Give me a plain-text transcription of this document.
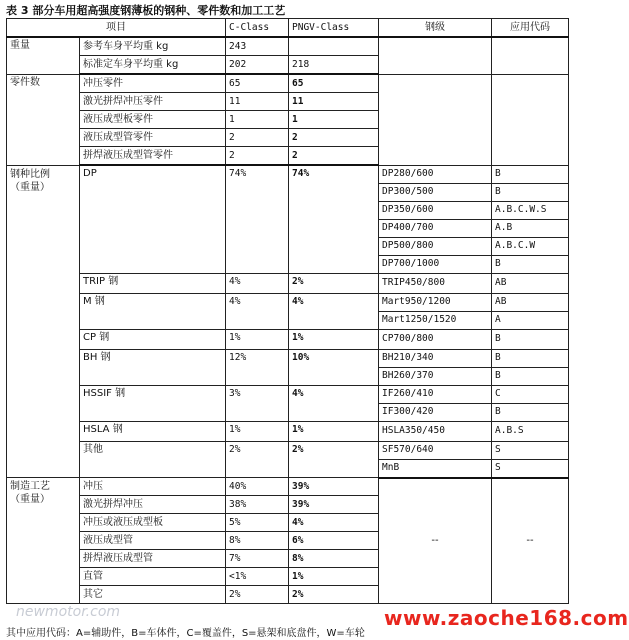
表 3 部分车用超高强度钢薄板的钢种、零件数和加工工艺
项目		C-Class	PNGV-Class	钢级	应用代码
重量	参考车身平均重 kg	243			
	标准定车身平均重 kg	202	218		
零件数	冲压零件	65	65		
	激光拼焊冲压零件	11	11		
	液压成型板零件	1	1		
	液压成型管零件	2	2		
	拼焊液压成型管零件	2	2		

钢种比例
（重量）	DP	74%	74%	DP280/600	B
				DP300/500	B
				DP350/600	A.B.C.W.S
				DP400/700	A.B
				DP500/800	A.B.C.W
				DP700/1000	B
	TRIP 钢	4%	2%	TRIP450/800	AB
	M 钢	4%	4%	Mart950/1200	AB
				Mart1250/1520	A
	CP 钢	1%	1%	CP700/800	B
	BH 钢	12%	10%	BH210/340	B
				BH260/370	B
	HSSIF 钢	3%	4%	IF260/410	C
				IF300/420	B
	HSLA 钢	1%	1%	HSLA350/450	A.B.S
	其他	2%	2%	SF570/640	S
				MnB	S

制造工艺
（重量）	冲压	40%	39%	--	--
	激光拼焊冲压	38%	39%		
	冲压或液压成型板	5%	4%		
	液压成型管	8%	6%		
	拼焊液压成型管	7%	8%		
	直管	<1%	1%		
	其它	2%	2%		
newmotor.com	www.zaoche168.com
其中应用代码：A=辅助件，B=车体件，C=覆盖件，S=悬架和底盘件，W=车轮
